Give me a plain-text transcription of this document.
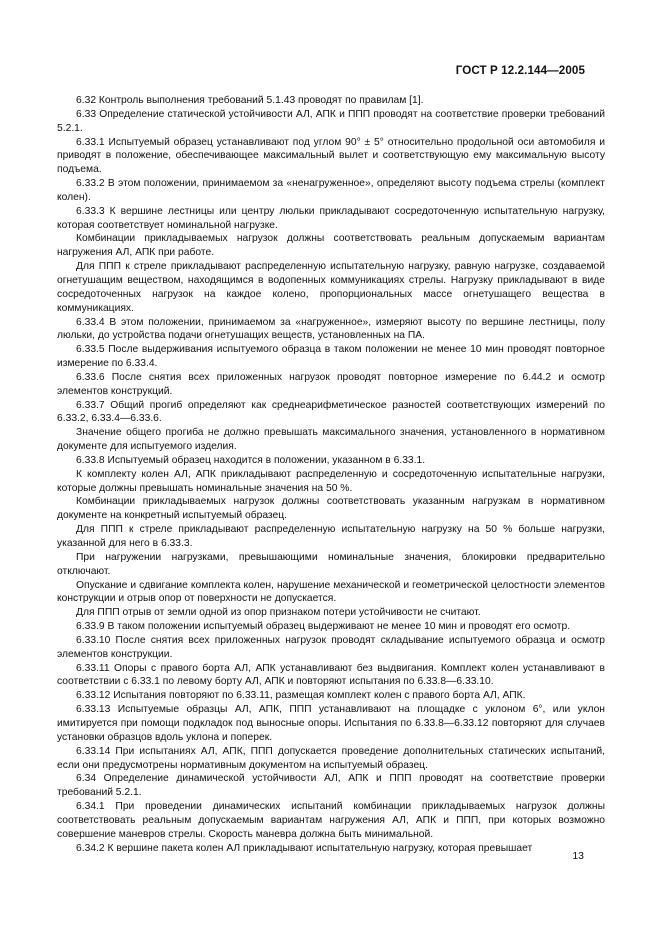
ГОСТ Р 12.2.144—2005

6.32 Контроль выполнения требований 5.1.43 проводят по правилам [1].

6.33 Определение статической устойчивости АЛ, АПК и ППП проводят на соответствие проверки требований 5.2.1.

6.33.1 Испытуемый образец устанавливают под углом 90° ± 5° относительно продольной оси автомобиля и приводят в положение, обеспечивающее максимальный вылет и соответствующую ему максимальную высоту подъема.

6.33.2 В этом положении, принимаемом за «ненагруженное», определяют высоту подъема стрелы (комплект колен).

6.33.3 К вершине лестницы или центру люльки прикладывают сосредоточенную испытательную нагрузку, которая соответствует номинальной нагрузке.

Комбинации прикладываемых нагрузок должны соответствовать реальным допускаемым вариантам нагружения АЛ, АПК при работе.

Для ППП к стреле прикладывают распределенную испытательную нагрузку, равную нагрузке, создаваемой огнетушащим веществом, находящимся в водопенных коммуникациях стрелы. Нагрузку прикладывают в виде сосредоточенных нагрузок на каждое колено, пропорциональных массе огнетушащего вещества в коммуникациях.

6.33.4 В этом положении, принимаемом за «нагруженное», измеряют высоту по вершине лестницы, полу люльки, до устройства подачи огнетушащих веществ, установленных на ПА.

6.33.5 После выдерживания испытуемого образца в таком положении не менее 10 мин проводят повторное измерение по 6.33.4.

6.33.6 После снятия всех приложенных нагрузок проводят повторное измерение по 6.44.2 и осмотр элементов конструкций.

6.33.7 Общий прогиб определяют как среднеарифметическое разностей соответствующих измерений по 6.33.2, 6.33.4—6.33.6.

Значение общего прогиба не должно превышать максимального значения, установленного в нормативном документе для испытуемого изделия.

6.33.8 Испытуемый образец находится в положении, указанном в 6.33.1.

К комплекту колен АЛ, АПК прикладывают распределенную и сосредоточенную испытательные нагрузки, которые должны превышать номинальные значения на 50 %.

Комбинации прикладываемых нагрузок должны соответствовать указанным нагрузкам в нормативном документе на конкретный испытуемый образец.

Для ППП к стреле прикладывают распределенную испытательную нагрузку на 50 % больше нагрузки, указанной для него в 6.33.3.

При нагружении нагрузками, превышающими номинальные значения, блокировки предварительно отключают.

Опускание и сдвигание комплекта колен, нарушение механической и геометрической целостности элементов конструкции и отрыв опор от поверхности не допускается.

Для ППП отрыв от земли одной из опор признаком потери устойчивости не считают.

6.33.9 В таком положении испытуемый образец выдерживают не менее 10 мин и проводят его осмотр.

6.33.10 После снятия всех приложенных нагрузок проводят складывание испытуемого образца и осмотр элементов конструкции.

6.33.11 Опоры с правого борта АЛ, АПК устанавливают без выдвигания. Комплект колен устанавливают в соответствии с 6.33.1 по левому борту АЛ, АПК и повторяют испытания по 6.33.8—6.33.10.

6.33.12 Испытания повторяют по 6.33.11, размещая комплект колен с правого борта АЛ, АПК.

6.33.13 Испытуемые образцы АЛ, АПК, ППП устанавливают на площадке с уклоном 6°, или уклон имитируется при помощи подкладок под выносные опоры. Испытания по 6.33.8—6.33.12 повторяют для случаев установки образцов вдоль уклона и поперек.

6.33.14 При испытаниях АЛ, АПК, ППП допускается проведение дополнительных статических испытаний, если они предусмотрены нормативным документом на испытуемый образец.

6.34 Определение динамической устойчивости АЛ, АПК и ППП проводят на соответствие проверки требований 5.2.1.

6.34.1 При проведении динамических испытаний комбинации прикладываемых нагрузок должны соответствовать реальным допускаемым вариантам нагружения АЛ, АПК и ППП, при которых возможно совершение маневров стрелы. Скорость маневра должна быть минимальной.

6.34.2 К вершине пакета колен АЛ прикладывают испытательную нагрузку, которая превышает

13
